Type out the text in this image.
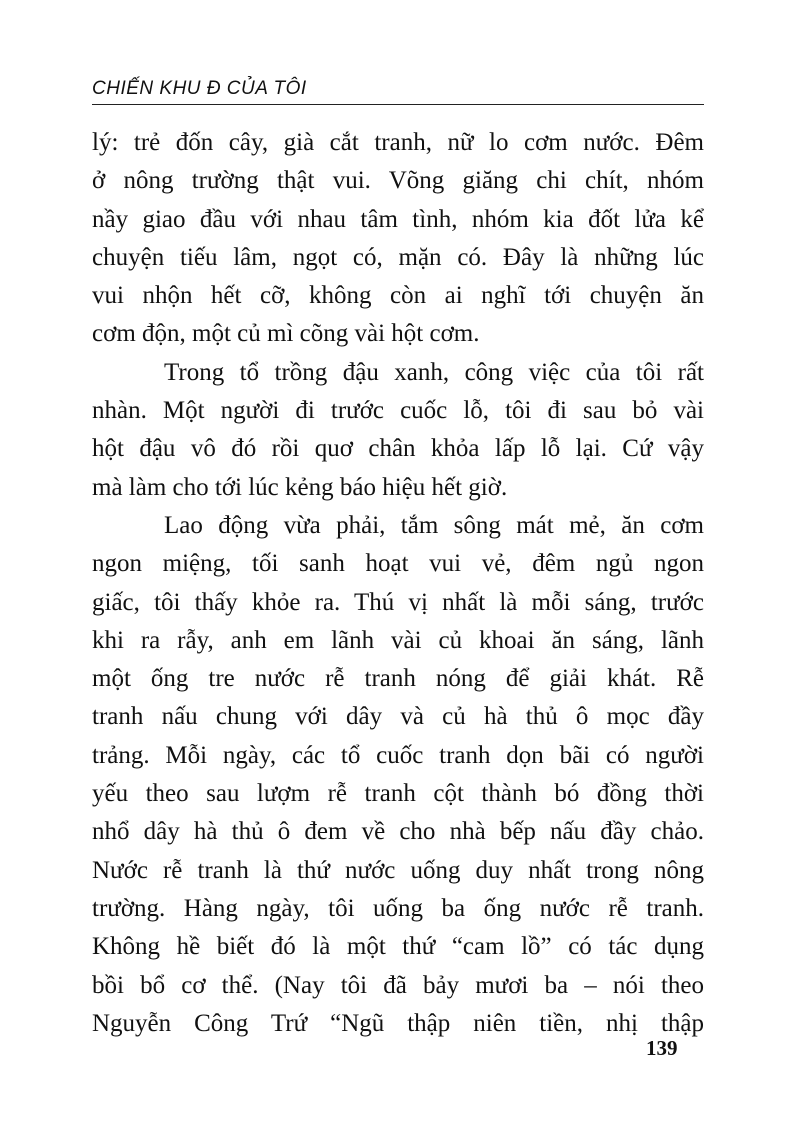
CHIẾN KHU Đ CỦA TÔI
lý: trẻ đốn cây, già cắt tranh, nữ lo cơm nước. Đêm
ở nông trường thật vui. Võng giăng chi chít, nhóm
nầy giao đầu với nhau tâm tình, nhóm kia đốt lửa kể
chuyện tiếu lâm, ngọt có, mặn có. Đây là những lúc
vui nhộn hết cỡ, không còn ai nghĩ tới chuyện ăn
cơm độn, một củ mì cõng vài hột cơm.
Trong tổ trồng đậu xanh, công việc của tôi rất
nhàn. Một người đi trước cuốc lỗ, tôi đi sau bỏ vài
hột đậu vô đó rồi quơ chân khỏa lấp lỗ lại. Cứ vậy
mà làm cho tới lúc kẻng báo hiệu hết giờ.
Lao động vừa phải, tắm sông mát mẻ, ăn cơm
ngon miệng, tối sanh hoạt vui vẻ, đêm ngủ ngon
giấc, tôi thấy khỏe ra. Thú vị nhất là mỗi sáng, trước
khi ra rẫy, anh em lãnh vài củ khoai ăn sáng, lãnh
một ống tre nước rễ tranh nóng để giải khát. Rễ
tranh nấu chung với dây và củ hà thủ ô mọc đầy
trảng. Mỗi ngày, các tổ cuốc tranh dọn bãi có người
yếu theo sau lượm rễ tranh cột thành bó đồng thời
nhổ dây hà thủ ô đem về cho nhà bếp nấu đầy chảo.
Nước rễ tranh là thứ nước uống duy nhất trong nông
trường. Hàng ngày, tôi uống ba ống nước rễ tranh.
Không hề biết đó là một thứ “cam lồ” có tác dụng
bồi bổ cơ thể. (Nay tôi đã bảy mươi ba – nói theo
Nguyễn Công Trứ “Ngũ thập niên tiền, nhị thập
139
